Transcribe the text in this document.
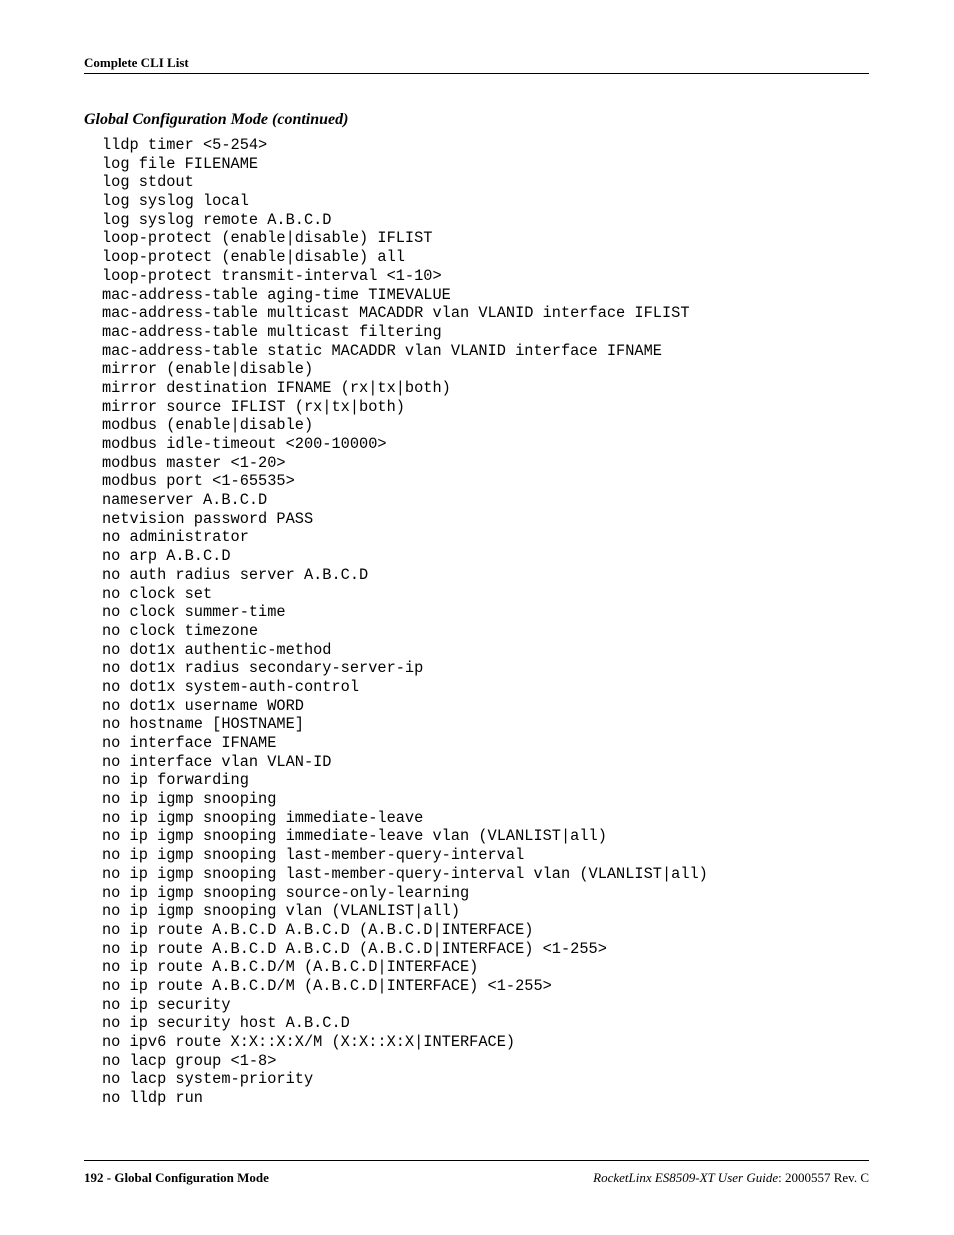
Complete CLI List
Global Configuration Mode (continued)
lldp timer <5-254>
log file FILENAME
log stdout
log syslog local
log syslog remote A.B.C.D
loop-protect (enable|disable) IFLIST
loop-protect (enable|disable) all
loop-protect transmit-interval <1-10>
mac-address-table aging-time TIMEVALUE
mac-address-table multicast MACADDR vlan VLANID interface IFLIST
mac-address-table multicast filtering
mac-address-table static MACADDR vlan VLANID interface IFNAME
mirror (enable|disable)
mirror destination IFNAME (rx|tx|both)
mirror source IFLIST (rx|tx|both)
modbus (enable|disable)
modbus idle-timeout <200-10000>
modbus master <1-20>
modbus port <1-65535>
nameserver A.B.C.D
netvision password PASS
no administrator
no arp A.B.C.D
no auth radius server A.B.C.D
no clock set
no clock summer-time
no clock timezone
no dot1x authentic-method
no dot1x radius secondary-server-ip
no dot1x system-auth-control
no dot1x username WORD
no hostname [HOSTNAME]
no interface IFNAME
no interface vlan VLAN-ID
no ip forwarding
no ip igmp snooping
no ip igmp snooping immediate-leave
no ip igmp snooping immediate-leave vlan (VLANLIST|all)
no ip igmp snooping last-member-query-interval
no ip igmp snooping last-member-query-interval vlan (VLANLIST|all)
no ip igmp snooping source-only-learning
no ip igmp snooping vlan (VLANLIST|all)
no ip route A.B.C.D A.B.C.D (A.B.C.D|INTERFACE)
no ip route A.B.C.D A.B.C.D (A.B.C.D|INTERFACE) <1-255>
no ip route A.B.C.D/M (A.B.C.D|INTERFACE)
no ip route A.B.C.D/M (A.B.C.D|INTERFACE) <1-255>
no ip security
no ip security host A.B.C.D
no ipv6 route X:X::X:X/M (X:X::X:X|INTERFACE)
no lacp group <1-8>
no lacp system-priority
no lldp run
192 - Global Configuration Mode	RocketLinx ES8509-XT User Guide: 2000557 Rev. C
